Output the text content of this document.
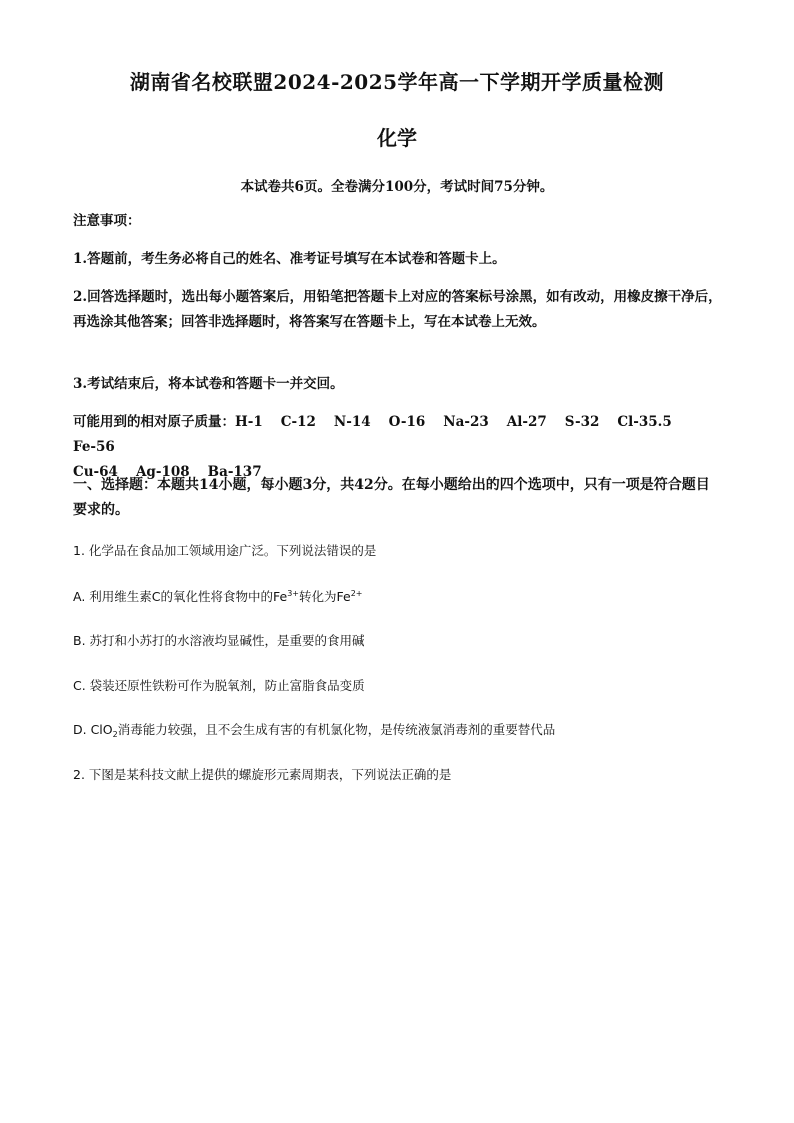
湖南省名校联盟2024-2025学年高一下学期开学质量检测
化学
本试卷共6页。全卷满分100分，考试时间75分钟。
注意事项：
1.答题前，考生务必将自己的姓名、准考证号填写在本试卷和答题卡上。
2.回答选择题时，选出每小题答案后，用铅笔把答题卡上对应的答案标号涂黑，如有改动，用橡皮擦干净后，再选涂其他答案；回答非选择题时，将答案写在答题卡上，写在本试卷上无效。
3.考试结束后，将本试卷和答题卡一并交回。
可能用到的相对原子质量：H-1 C-12 N-14 O-16 Na-23 Al-27 S-32 Cl-35.5Fe-56
Cu-64 Ag-108 Ba-137
一、选择题：本题共14小题，每小题3分，共42分。在每小题给出的四个选项中，只有一项是符合题目要求的。
1. 化学品在食品加工领域用途广泛。下列说法错误的是
A. 利用维生素C的氧化性将食物中的$Fe^{3+}$转化为$Fe^{2+}$
B. 苏打和小苏打的水溶液均显碱性，是重要的食用碱
C. 袋装还原性铁粉可作为脱氧剂，防止富脂食品变质
D. ClO$_2$消毒能力较强，且不会生成有害的有机氯化物，是传统液氯消毒剂的重要替代品
2. 下图是某科技文献上提供的螺旋形元素周期表，下列说法正确的是
